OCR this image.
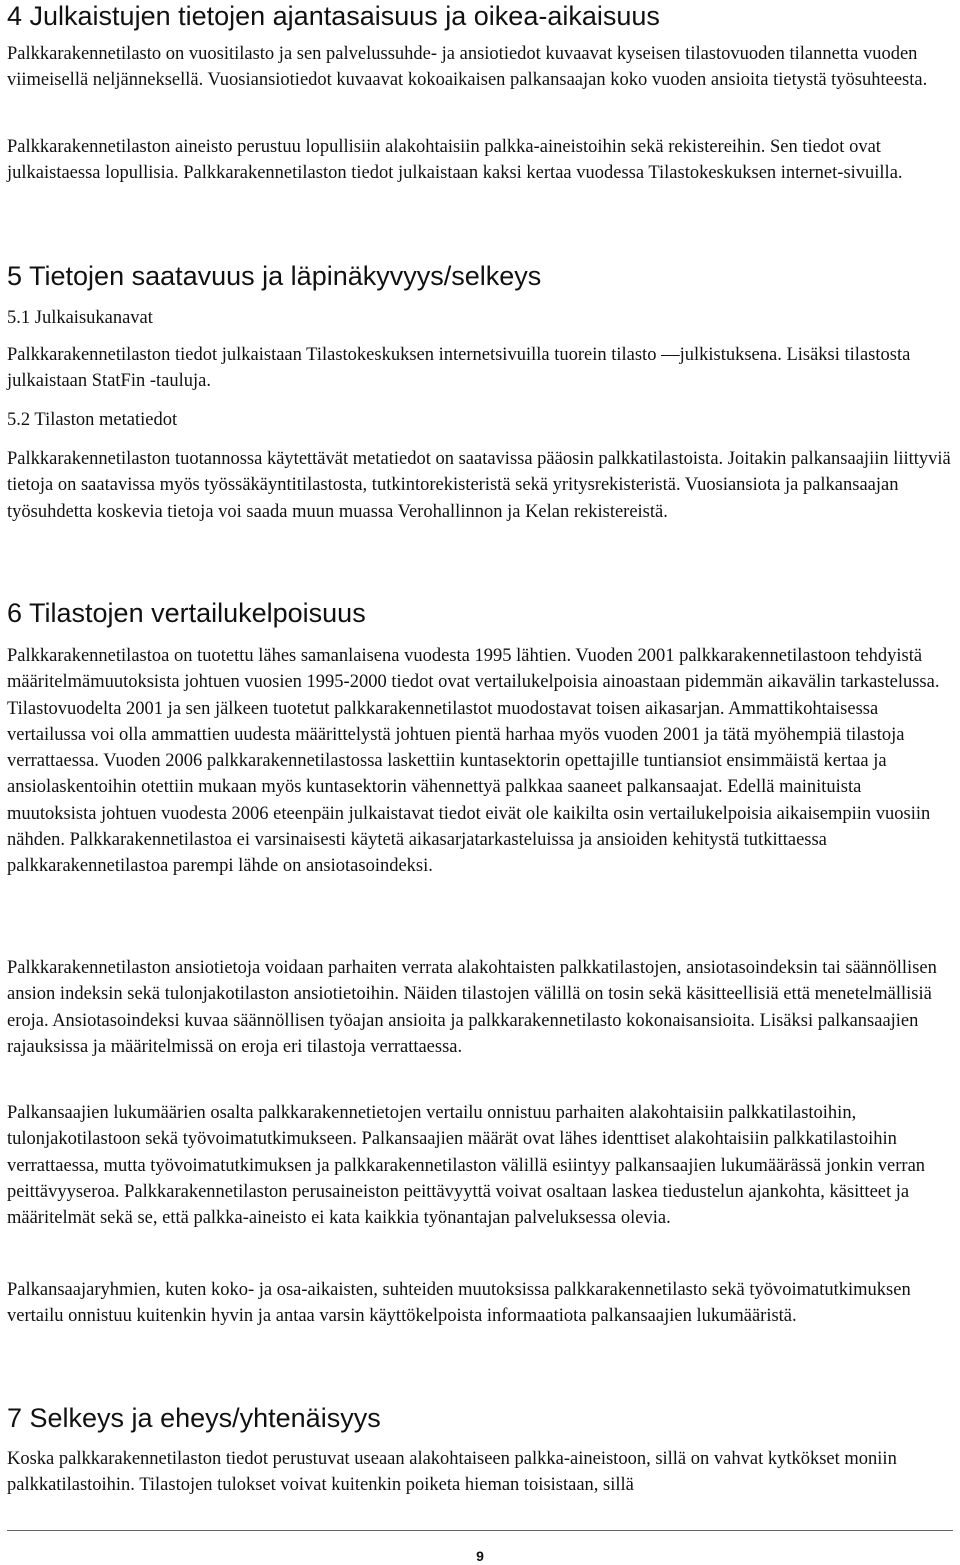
4 Julkaistujen tietojen ajantasaisuus ja oikea-aikaisuus

Palkkarakennetilasto on vuositilasto ja sen palvelussuhde- ja ansiotiedot kuvaavat kyseisen tilastovuoden tilannetta vuoden viimeisellä neljänneksellä. Vuosiansiotiedot kuvaavat kokoaikaisen palkansaajan koko vuoden ansioita tietystä työsuhteesta.

Palkkarakennetilaston aineisto perustuu lopullisiin alakohtaisiin palkka-aineistoihin sekä rekistereihin. Sen tiedot ovat julkaistaessa lopullisia. Palkkarakennetilaston tiedot julkaistaan kaksi kertaa vuodessa Tilastokeskuksen internet-sivuilla.

5 Tietojen saatavuus ja läpinäkyvyys/selkeys
5.1 Julkaisukanavat

Palkkarakennetilaston tiedot julkaistaan Tilastokeskuksen internetsivuilla tuorein tilasto —julkistuksena. Lisäksi tilastosta julkaistaan StatFin -tauluja.

5.2 Tilaston metatiedot

Palkkarakennetilaston tuotannossa käytettävät metatiedot on saatavissa pääosin palkkatilastoista. Joitakin palkansaajiin liittyviä tietoja on saatavissa myös työssäkäyntitilastosta, tutkintorekisteristä sekä yritysrekisteristä. Vuosiansiota ja palkansaajan työsuhdetta koskevia tietoja voi saada muun muassa Verohallinnon ja Kelan rekistereistä.

6 Tilastojen vertailukelpoisuus

Palkkarakennetilastoa on tuotettu lähes samanlaisena vuodesta 1995 lähtien. Vuoden 2001 palkkarakennetilastoon tehdyistä määritelmämuutoksista johtuen vuosien 1995-2000 tiedot ovat vertailukelpoisia ainoastaan pidemmän aikavälin tarkastelussa. Tilastovuodelta 2001 ja sen jälkeen tuotetut palkkarakennetilastot muodostavat toisen aikasarjan. Ammattikohtaisessa vertailussa voi olla ammattien uudesta määrittelystä johtuen pientä harhaa myös vuoden 2001 ja tätä myöhempiä tilastoja verrattaessa. Vuoden 2006 palkkarakennetilastossa laskettiin kuntasektorin opettajille tuntiansiot ensimmäistä kertaa ja ansiolaskentoihin otettiin mukaan myös kuntasektorin vähennettyä palkkaa saaneet palkansaajat. Edellä mainituista muutoksista johtuen vuodesta 2006 eteenpäin julkaistavat tiedot eivät ole kaikilta osin vertailukelpoisia aikaisempiin vuosiin nähden. Palkkarakennetilastoa ei varsinaisesti käytetä aikasarjatarkasteluissa ja ansioiden kehitystä tutkittaessa palkkarakennetilastoa parempi lähde on ansiotasoindeksi.

Palkkarakennetilaston ansiotietoja voidaan parhaiten verrata alakohtaisten palkkatilastojen, ansiotasoindeksin tai säännöllisen ansion indeksin sekä tulonjakotilaston ansiotietoihin. Näiden tilastojen välillä on tosin sekä käsitteellisiä että menetelmällisiä eroja. Ansiotasoindeksi kuvaa säännöllisen työajan ansioita ja palkkarakennetilasto kokonaisansioita. Lisäksi palkansaajien rajauksissa ja määritelmissä on eroja eri tilastoja verrattaessa.

Palkansaajien lukumäärien osalta palkkarakennetietojen vertailu onnistuu parhaiten alakohtaisiin palkkatilastoihin, tulonjakotilastoon sekä työvoimatutkimukseen. Palkansaajien määrät ovat lähes identtiset alakohtaisiin palkkatilastoihin verrattaessa, mutta työvoimatutkimuksen ja palkkarakennetilaston välillä esiintyy palkansaajien lukumäärässä jonkin verran peittävyyseroa. Palkkarakennetilaston perusaineiston peittävyyttä voivat osaltaan laskea tiedustelun ajankohta, käsitteet ja määritelmät sekä se, että palkka-aineisto ei kata kaikkia työnantajan palveluksessa olevia.

Palkansaajaryhmien, kuten koko- ja osa-aikaisten, suhteiden muutoksissa palkkarakennetilasto sekä työvoimatutkimuksen vertailu onnistuu kuitenkin hyvin ja antaa varsin käyttökelpoista informaatiota palkansaajien lukumääristä.

7 Selkeys ja eheys/yhtenäisyys

Koska palkkarakennetilaston tiedot perustuvat useaan alakohtaiseen palkka-aineistoon, sillä on vahvat kytkökset moniin palkkatilastoihin. Tilastojen tulokset voivat kuitenkin poiketa hieman toisistaan, sillä

9
